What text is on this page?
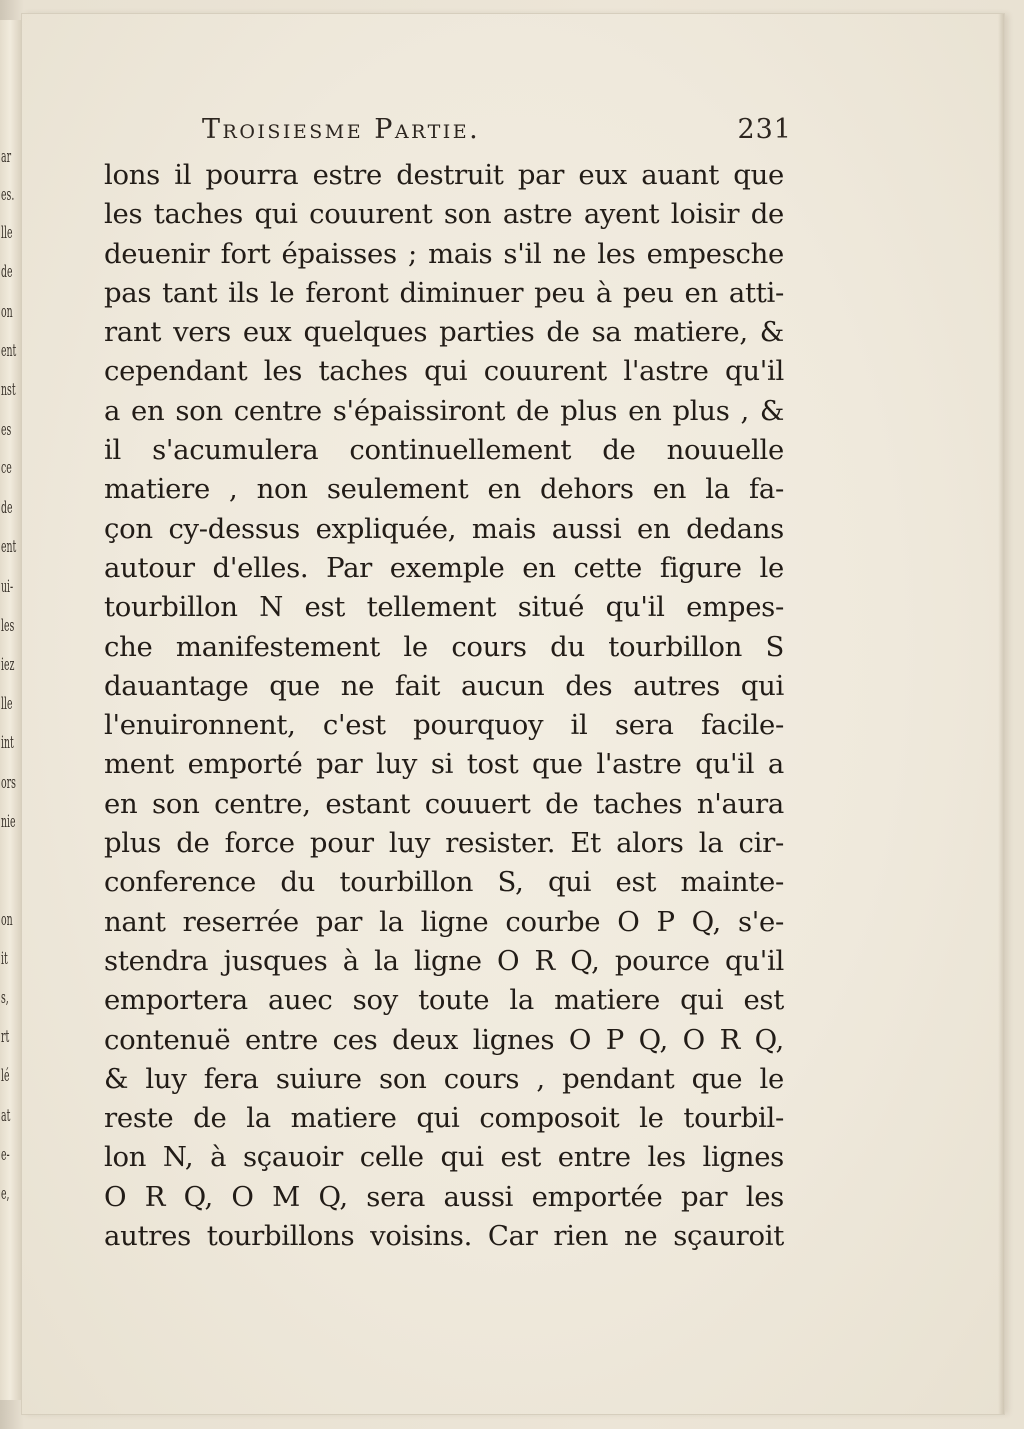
ar
es.
lle
de
on
ent
nst
es
ce
de
ent
ui-
les
iez
lle
int
ors
nie
on
it
s,
rt
lé
at
e-
e,
Troisiesme Partie.	231
lons il pourra estre destruit par eux auant que
les taches qui couurent son astre ayent loisir de
deuenir fort épaisses ; mais s'il ne les empesche
pas tant ils le feront diminuer peu à peu en atti-
rant vers eux quelques parties de sa matiere, &
cependant les taches qui couurent l'astre qu'il
a en son centre s'épaissiront de plus en plus , &
il s'acumulera continuellement de nouuelle
matiere , non seulement en dehors en la fa-
çon cy-dessus expliquée, mais aussi en dedans
autour d'elles. Par exemple en cette figure le
tourbillon N est tellement situé qu'il empes-
che manifestement le cours du tourbillon S
dauantage que ne fait aucun des autres qui
l'enuironnent, c'est pourquoy il sera facile-
ment emporté par luy si tost que l'astre qu'il a
en son centre, estant couuert de taches n'aura
plus de force pour luy resister. Et alors la cir-
conference du tourbillon S, qui est mainte-
nant reserrée par la ligne courbe O P Q, s'e-
stendra jusques à la ligne O R Q, pource qu'il
emportera auec soy toute la matiere qui est
contenuë entre ces deux lignes O P Q, O R Q,
& luy fera suiure son cours , pendant que le
reste de la matiere qui composoit le tourbil-
lon N, à sçauoir celle qui est entre les lignes
O R Q, O M Q, sera aussi emportée par les
autres tourbillons voisins. Car rien ne sçauroit
